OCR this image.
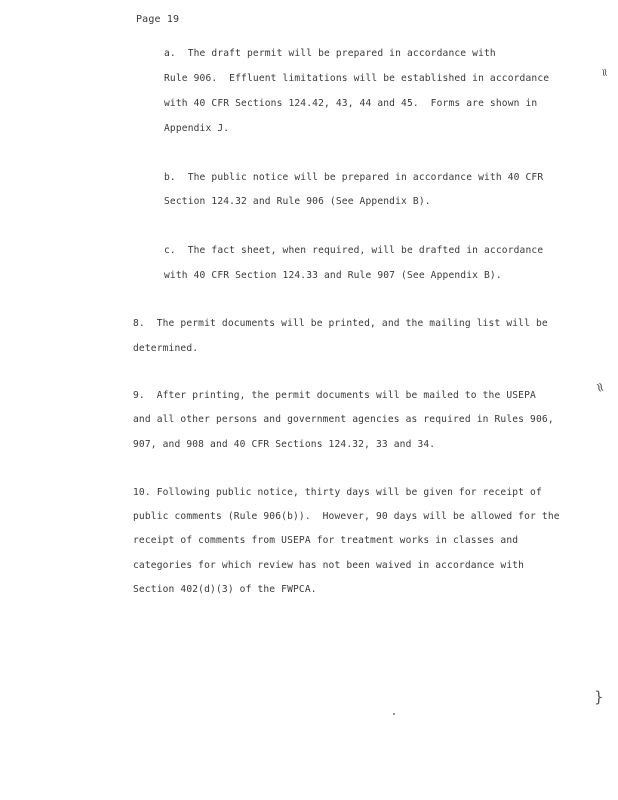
Page 19
a.  The draft permit will be prepared in accordance with
Rule 906.  Effluent limitations will be established in accordance
with 40 CFR Sections 124.42, 43, 44 and 45.  Forms are shown in
Appendix J.
b.  The public notice will be prepared in accordance with 40 CFR
Section 124.32 and Rule 906 (See Appendix B).
c.  The fact sheet, when required, will be drafted in accordance
with 40 CFR Section 124.33 and Rule 907 (See Appendix B).
8.  The permit documents will be printed, and the mailing list will be
determined.
9.  After printing, the permit documents will be mailed to the USEPA
and all other persons and government agencies as required in Rules 906,
907, and 908 and 40 CFR Sections 124.32, 33 and 34.
10. Following public notice, thirty days will be given for receipt of
public comments (Rule 906(b)).  However, 90 days will be allowed for the
receipt of comments from USEPA for treatment works in classes and
categories for which review has not been waived in accordance with
Section 402(d)(3) of the FWPCA.
≈
≈
}
